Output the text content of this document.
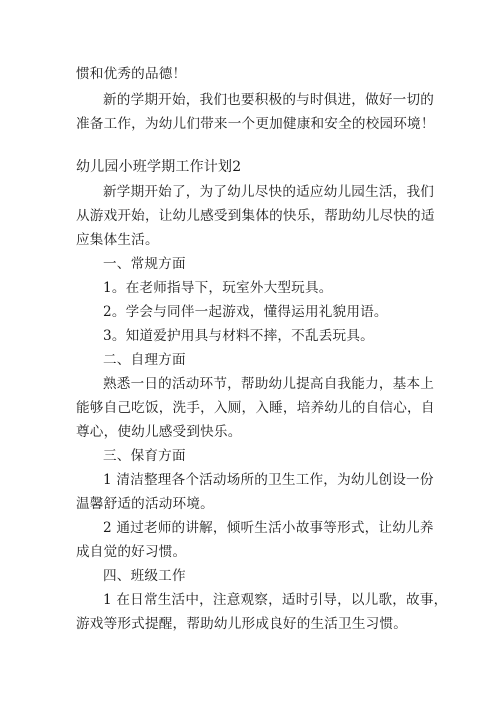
惯和优秀的品德！
新的学期开始，我们也要积极的与时俱进，做好一切的
准备工作，为幼儿们带来一个更加健康和安全的校园环境！
幼儿园小班学期工作计划2
新学期开始了，为了幼儿尽快的适应幼儿园生活，我们
从游戏开始，让幼儿感受到集体的快乐，帮助幼儿尽快的适
应集体生活。
一、常规方面
1。在老师指导下，玩室外大型玩具。
2。学会与同伴一起游戏，懂得运用礼貌用语。
3。知道爱护用具与材料不摔，不乱丢玩具。
二、自理方面
熟悉一日的活动环节，帮助幼儿提高自我能力，基本上
能够自己吃饭，洗手，入厕，入睡，培养幼儿的自信心，自
尊心，使幼儿感受到快乐。
三、保育方面
1 清洁整理各个活动场所的卫生工作，为幼儿创设一份
温馨舒适的活动环境。
2 通过老师的讲解，倾听生活小故事等形式，让幼儿养
成自觉的好习惯。
四、班级工作
1 在日常生活中，注意观察，适时引导，以儿歌，故事，
游戏等形式提醒，帮助幼儿形成良好的生活卫生习惯。
